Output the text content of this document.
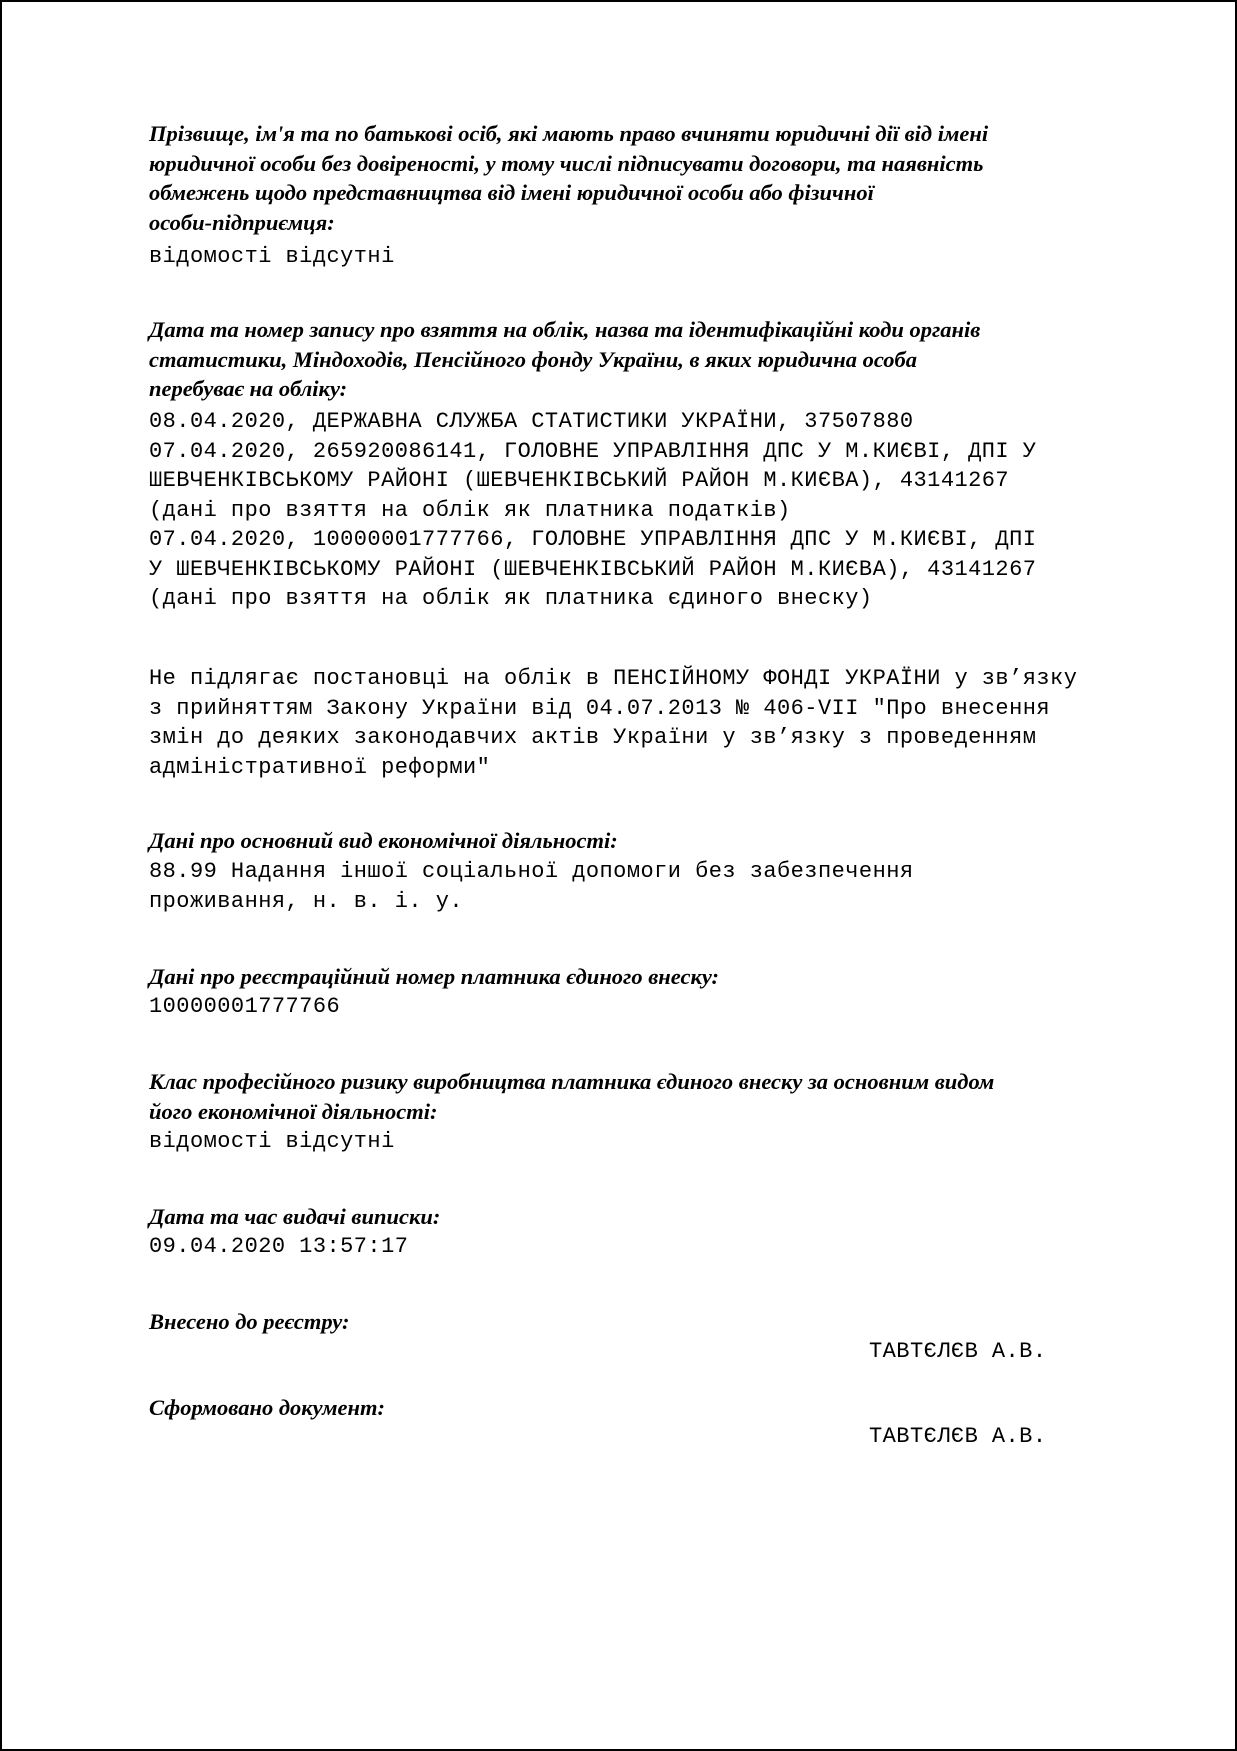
Прізвище, ім'я та по батькові осіб, які мають право вчиняти юридичні дії від імені
юридичної особи без довіреності, у тому числі підписувати договори, та наявність
обмежень щодо представництва від імені юридичної особи або фізичної
особи-підприємця:
відомості відсутні
Дата та номер запису про взяття на облік, назва та ідентифікаційні коди органів
статистики, Міндоходів, Пенсійного фонду України, в яких юридична особа
перебуває на обліку:
08.04.2020, ДЕРЖАВНА СЛУЖБА СТАТИСТИКИ УКРАЇНИ, 37507880
07.04.2020, 265920086141, ГОЛОВНЕ УПРАВЛІННЯ ДПС У М.КИЄВІ, ДПІ У
ШЕВЧЕНКІВСЬКОМУ РАЙОНІ (ШЕВЧЕНКІВСЬКИЙ РАЙОН М.КИЄВА), 43141267
(дані про взяття на облік як платника податків)
07.04.2020, 10000001777766, ГОЛОВНЕ УПРАВЛІННЯ ДПС У М.КИЄВІ, ДПІ
У ШЕВЧЕНКІВСЬКОМУ РАЙОНІ (ШЕВЧЕНКІВСЬКИЙ РАЙОН М.КИЄВА), 43141267
(дані про взяття на облік як платника єдиного внеску)
Не підлягає постановці на облік в ПЕНСІЙНОМУ ФОНДІ УКРАЇНИ у зв’язку
з прийняттям Закону України від 04.07.2013 № 406-VII "Про внесення
змін до деяких законодавчих актів України у зв’язку з проведенням
адміністративної реформи"
Дані про основний вид економічної діяльності:
88.99 Надання іншої соціальної допомоги без забезпечення
проживання, н. в. і. у.
Дані про реєстраційний номер платника єдиного внеску:
10000001777766
Клас професійного ризику виробництва платника єдиного внеску за основним видом
його економічної діяльності:
відомості відсутні
Дата та час видачі виписки:
09.04.2020 13:57:17
Внесено до реєстру:
ТАВТЄЛЄВ А.В.
Сформовано документ:
ТАВТЄЛЄВ А.В.
